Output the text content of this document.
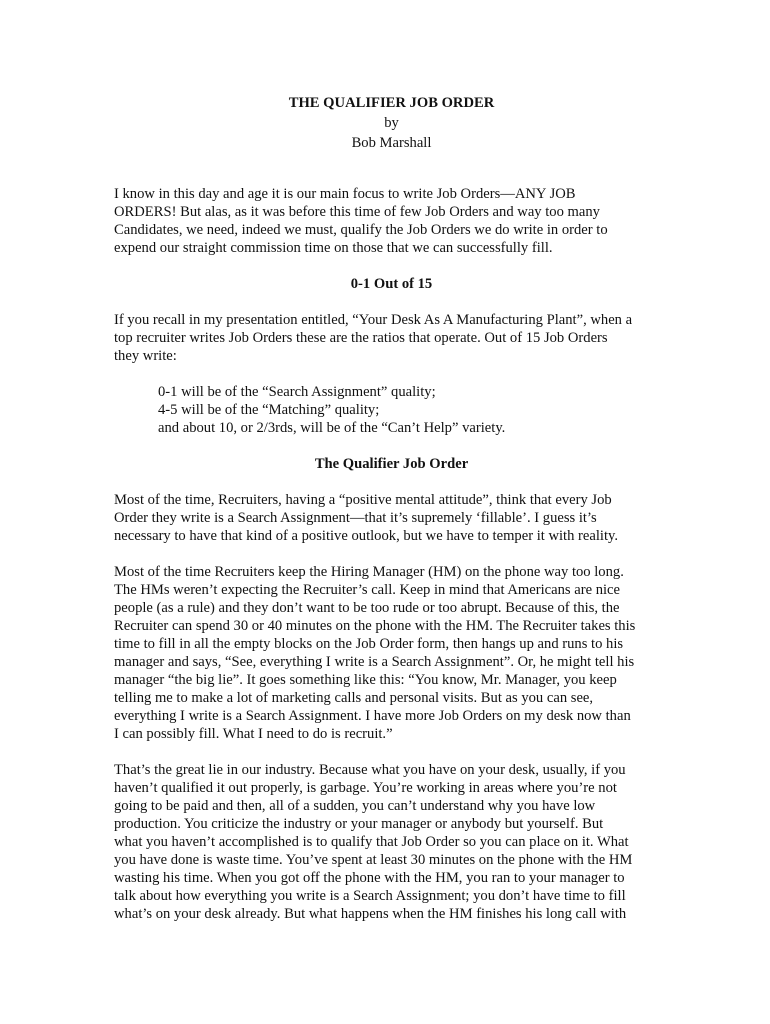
THE QUALIFIER JOB ORDER
by
Bob Marshall

I know in this day and age it is our main focus to write Job Orders—ANY JOB
ORDERS! But alas, as it was before this time of few Job Orders and way too many
Candidates, we need, indeed we must, qualify the Job Orders we do write in order to
expend our straight commission time on those that we can successfully fill.

0-1 Out of 15

If you recall in my presentation entitled, “Your Desk As A Manufacturing Plant”, when a
top recruiter writes Job Orders these are the ratios that operate. Out of 15 Job Orders
they write:

0-1 will be of the “Search Assignment” quality;
4-5 will be of the “Matching” quality;
and about 10, or 2/3rds, will be of the “Can’t Help” variety.
The Qualifier Job Order

Most of the time, Recruiters, having a “positive mental attitude”, think that every Job
Order they write is a Search Assignment—that it’s supremely ‘fillable’. I guess it’s
necessary to have that kind of a positive outlook, but we have to temper it with reality.

Most of the time Recruiters keep the Hiring Manager (HM) on the phone way too long.
The HMs weren’t expecting the Recruiter’s call. Keep in mind that Americans are nice
people (as a rule) and they don’t want to be too rude or too abrupt. Because of this, the
Recruiter can spend 30 or 40 minutes on the phone with the HM. The Recruiter takes this
time to fill in all the empty blocks on the Job Order form, then hangs up and runs to his
manager and says, “See, everything I write is a Search Assignment”. Or, he might tell his
manager “the big lie”. It goes something like this: “You know, Mr. Manager, you keep
telling me to make a lot of marketing calls and personal visits. But as you can see,
everything I write is a Search Assignment. I have more Job Orders on my desk now than
I can possibly fill. What I need to do is recruit.”

That’s the great lie in our industry. Because what you have on your desk, usually, if you
haven’t qualified it out properly, is garbage. You’re working in areas where you’re not
going to be paid and then, all of a sudden, you can’t understand why you have low
production. You criticize the industry or your manager or anybody but yourself. But
what you haven’t accomplished is to qualify that Job Order so you can place on it. What
you have done is waste time. You’ve spent at least 30 minutes on the phone with the HM
wasting his time. When you got off the phone with the HM, you ran to your manager to
talk about how everything you write is a Search Assignment; you don’t have time to fill
what’s on your desk already. But what happens when the HM finishes his long call with
